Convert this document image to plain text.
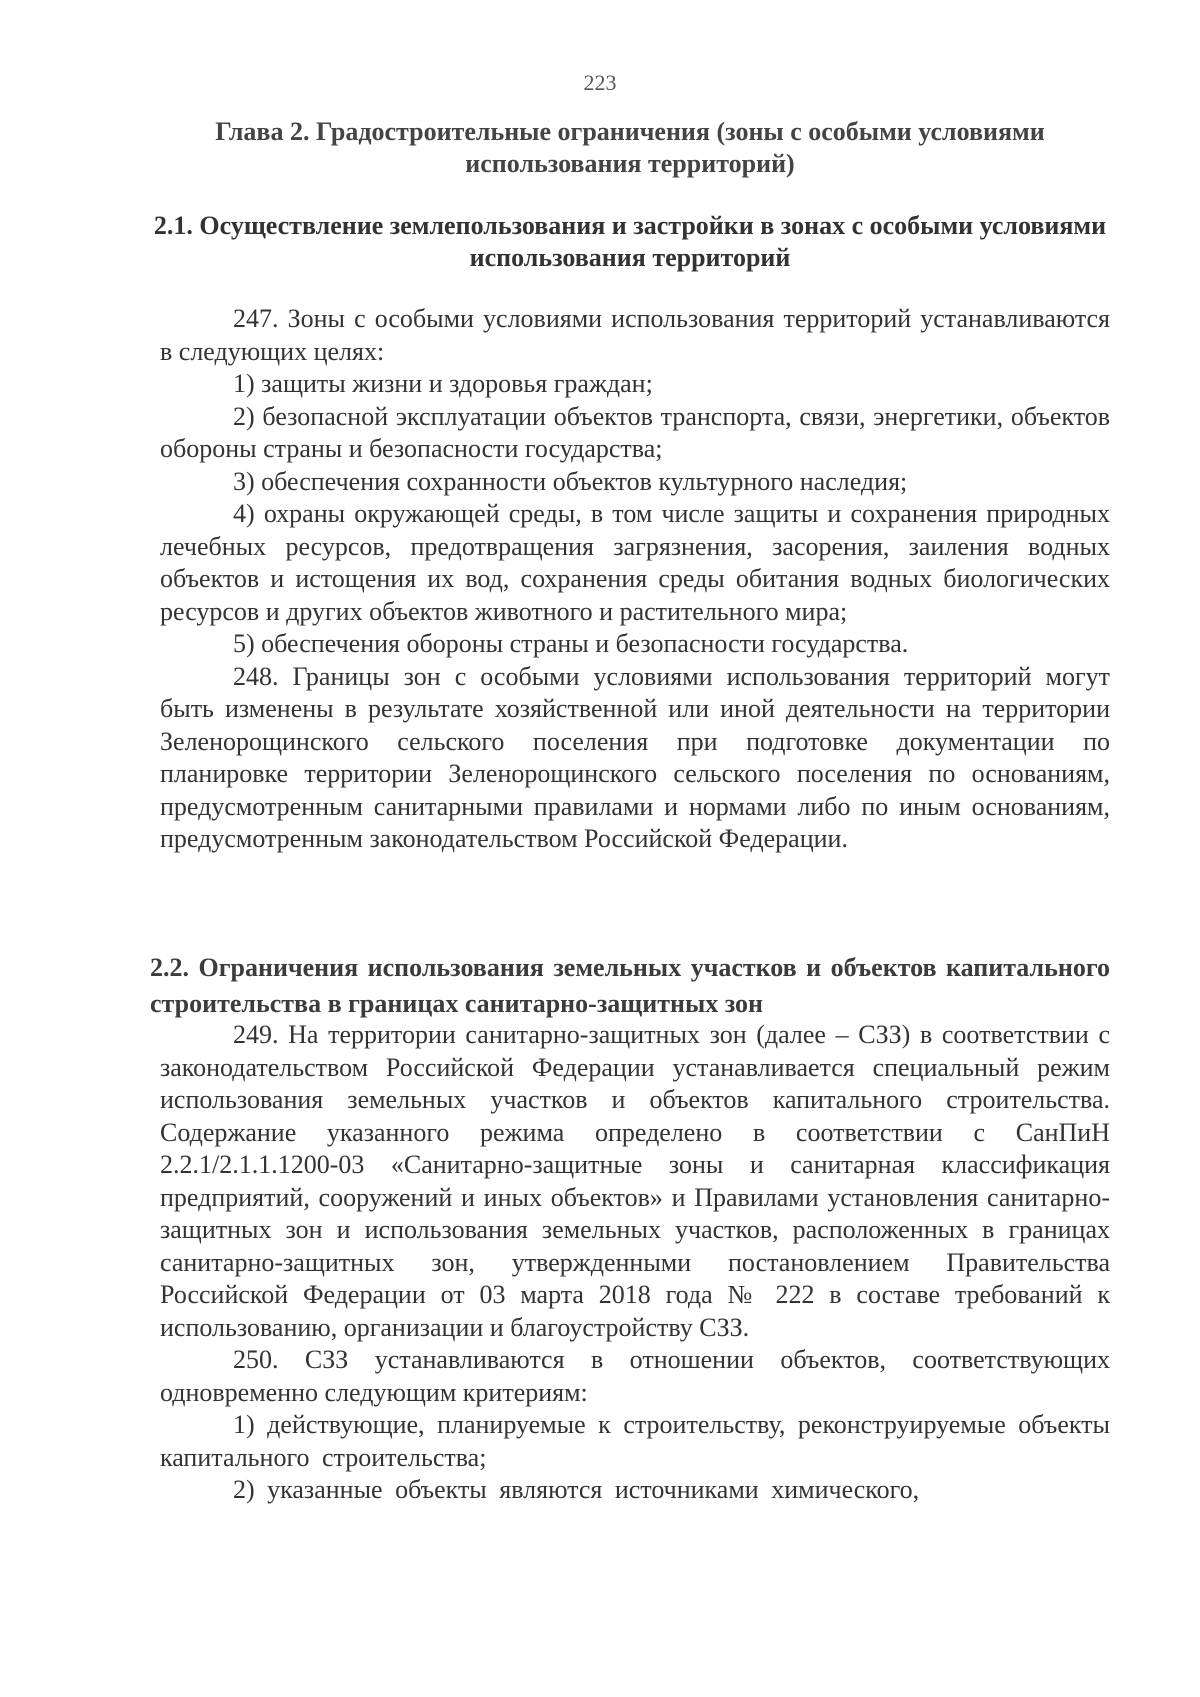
223
Глава 2. Градостроительные ограничения (зоны с особыми условиями использования территорий)
2.1. Осуществление землепользования и застройки в зонах с особыми условиями использования территорий

247. Зоны с особыми условиями использования территорий устанавливаются в следующих целях:

1) защиты жизни и здоровья граждан;

2) безопасной эксплуатации объектов транспорта, связи, энергетики, объектов обороны страны и безопасности государства;

3) обеспечения сохранности объектов культурного наследия;

4) охраны окружающей среды, в том числе защиты и сохранения природных лечебных ресурсов, предотвращения загрязнения, засорения, заиления водных объектов и истощения их вод, сохранения среды обитания водных биологических ресурсов и других объектов животного и растительного мира;

5) обеспечения обороны страны и безопасности государства.

248. Границы зон с особыми условиями использования территорий могут быть изменены в результате хозяйственной или иной деятельности на территории Зеленорощинского сельского поселения при подготовке документации по планировке территории Зеленорощинского сельского поселения по основаниям, предусмотренным санитарными правилами и нормами либо по иным основаниям, предусмотренным законодательством Российской Федерации.

2.2. Ограничения использования земельных участков и объектов капитального строительства в границах санитарно-защитных зон

249. На территории санитарно-защитных зон (далее – СЗЗ) в соответствии с законодательством Российской Федерации устанавливается специальный режим использования земельных участков и объектов капитального строительства. Содержание указанного режима определено в соответствии с СанПиН 2.2.1/2.1.1.1200-03 «Санитарно-защитные зоны и санитарная классификация предприятий, сооружений и иных объектов» и Правилами установления санитарно-защитных зон и использования земельных участков, расположенных в границах санитарно-защитных зон, утвержденными постановлением Правительства Российской Федерации от 03 марта 2018 года № 222 в составе требований к использованию, организации и благоустройству СЗЗ.

250. СЗЗ устанавливаются в отношении объектов, соответствующих одновременно следующим критериям:

1) действующие, планируемые к строительству, реконструируемые объекты капитального строительства;

2) указанные объекты являются источниками химического,
